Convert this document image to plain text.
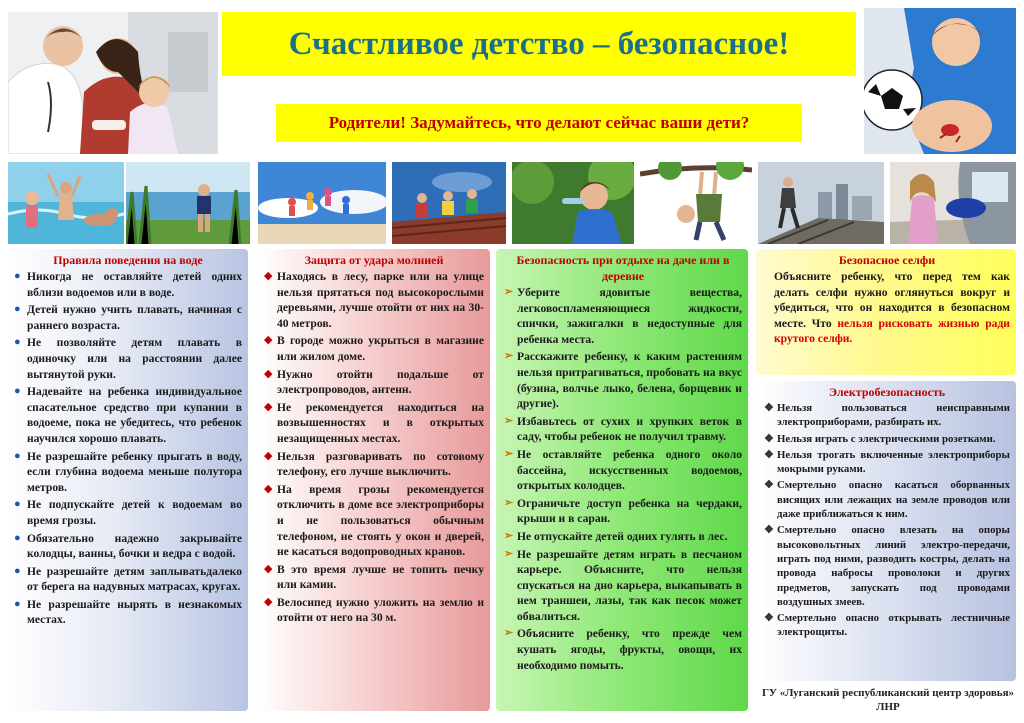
Счастливое детство – безопасное!
Родители! Задумайтесь, что делают сейчас ваши дети?
Правила поведения на воде
● Никогда не оставляйте детей одних вблизи водоемов или в воде.
● Детей нужно учить плавать, начиная с раннего возраста.
● Не позволяйте детям плавать в одиночку или на расстоянии далее вытянутой руки.
● Надевайте на ребенка индивидуальное спасательное средство при купании в водоеме, пока не убедитесь, что ребенок научился хорошо плавать.
● Не разрешайте ребенку прыгать в воду, если глубина водоема меньше полутора метров.
● Не подпускайте детей к водоемам во время грозы.
● Обязательно надежно закрывайте колодцы, ванны, бочки и ведра с водой.
● Не разрешайте детям заплыватьдалеко от берега на надувных матрасах, кругах.
● Не разрешайте нырять в незнакомых местах.
Защита от удара молнией
◆ Находясь в лесу, парке или на улице нельзя прятаться под высокорослыми деревьями, лучше отойти от них на 30-40 метров.
◆ В городе можно укрыться в магазине или жилом доме.
◆ Нужно отойти подальше от электропроводов, антенн.
◆ Не рекомендуется находиться на возвышенностях и в открытых незащищенных местах.
◆ Нельзя разговаривать по сотовому телефону, его лучше выключить.
◆ На время грозы рекомендуется отключить в доме все электроприборы и не пользоваться обычным телефоном, не стоять у окон и дверей, не касаться водопроводных кранов.
◆ В это время лучше не топить печку или камин.
◆ Велосипед нужно уложить на землю и отойти от него на 30 м.
Безопасность при отдыхе на даче или в деревне
➢ Уберите ядовитые вещества, легковоспламеняющиеся жидкости, спички, зажигалки в недоступные для ребенка места.
➢ Расскажите ребенку, к каким растениям нельзя притрагиваться, пробовать на вкус (бузина, волчье лыко, белена, борщевик и другие).
➢ Избавьтесь от сухих и хрупких веток в саду, чтобы ребенок не получил травму.
➢ Не оставляйте ребенка одного около бассейна, искусственных водоемов, открытых колодцев.
➢ Ограничьте доступ ребенка на чердаки, крыши и в сараи.
➢ Не отпускайте детей одних гулять в лес.
➢ Не разрешайте детям играть в песчаном карьере. Объясните, что нельзя спускаться на дно карьера, выкапывать в нем траншеи, лазы, так как песок может обвалиться.
➢ Объясните ребенку, что прежде чем кушать ягоды, фрукты, овощи, их необходимо помыть.
Безопасное селфи
Объясните ребенку, что перед тем как делать селфи нужно оглянуться вокруг и убедиться, что он находится в безопасном месте. Что нельзя рисковать жизнью ради крутого селфи.
Электробезопасность
❖ Нельзя пользоваться неисправными электроприборами, разбирать их.
❖ Нельзя играть с электрическими розетками.
❖ Нельзя трогать включенные электроприборы мокрыми руками.
❖ Смертельно опасно касаться оборванных висящих или лежащих на земле проводов или даже приближаться к ним.
❖ Смертельно опасно влезать на опоры высоковольтных линий электро-передачи, играть под ними, разводить костры, делать на провода набросы проволоки и других предметов, запускать под проводами воздушных змеев.
❖ Смертельно опасно открывать лестничные электрощиты.
ГУ «Луганский республиканский центр здоровья» ЛНР
